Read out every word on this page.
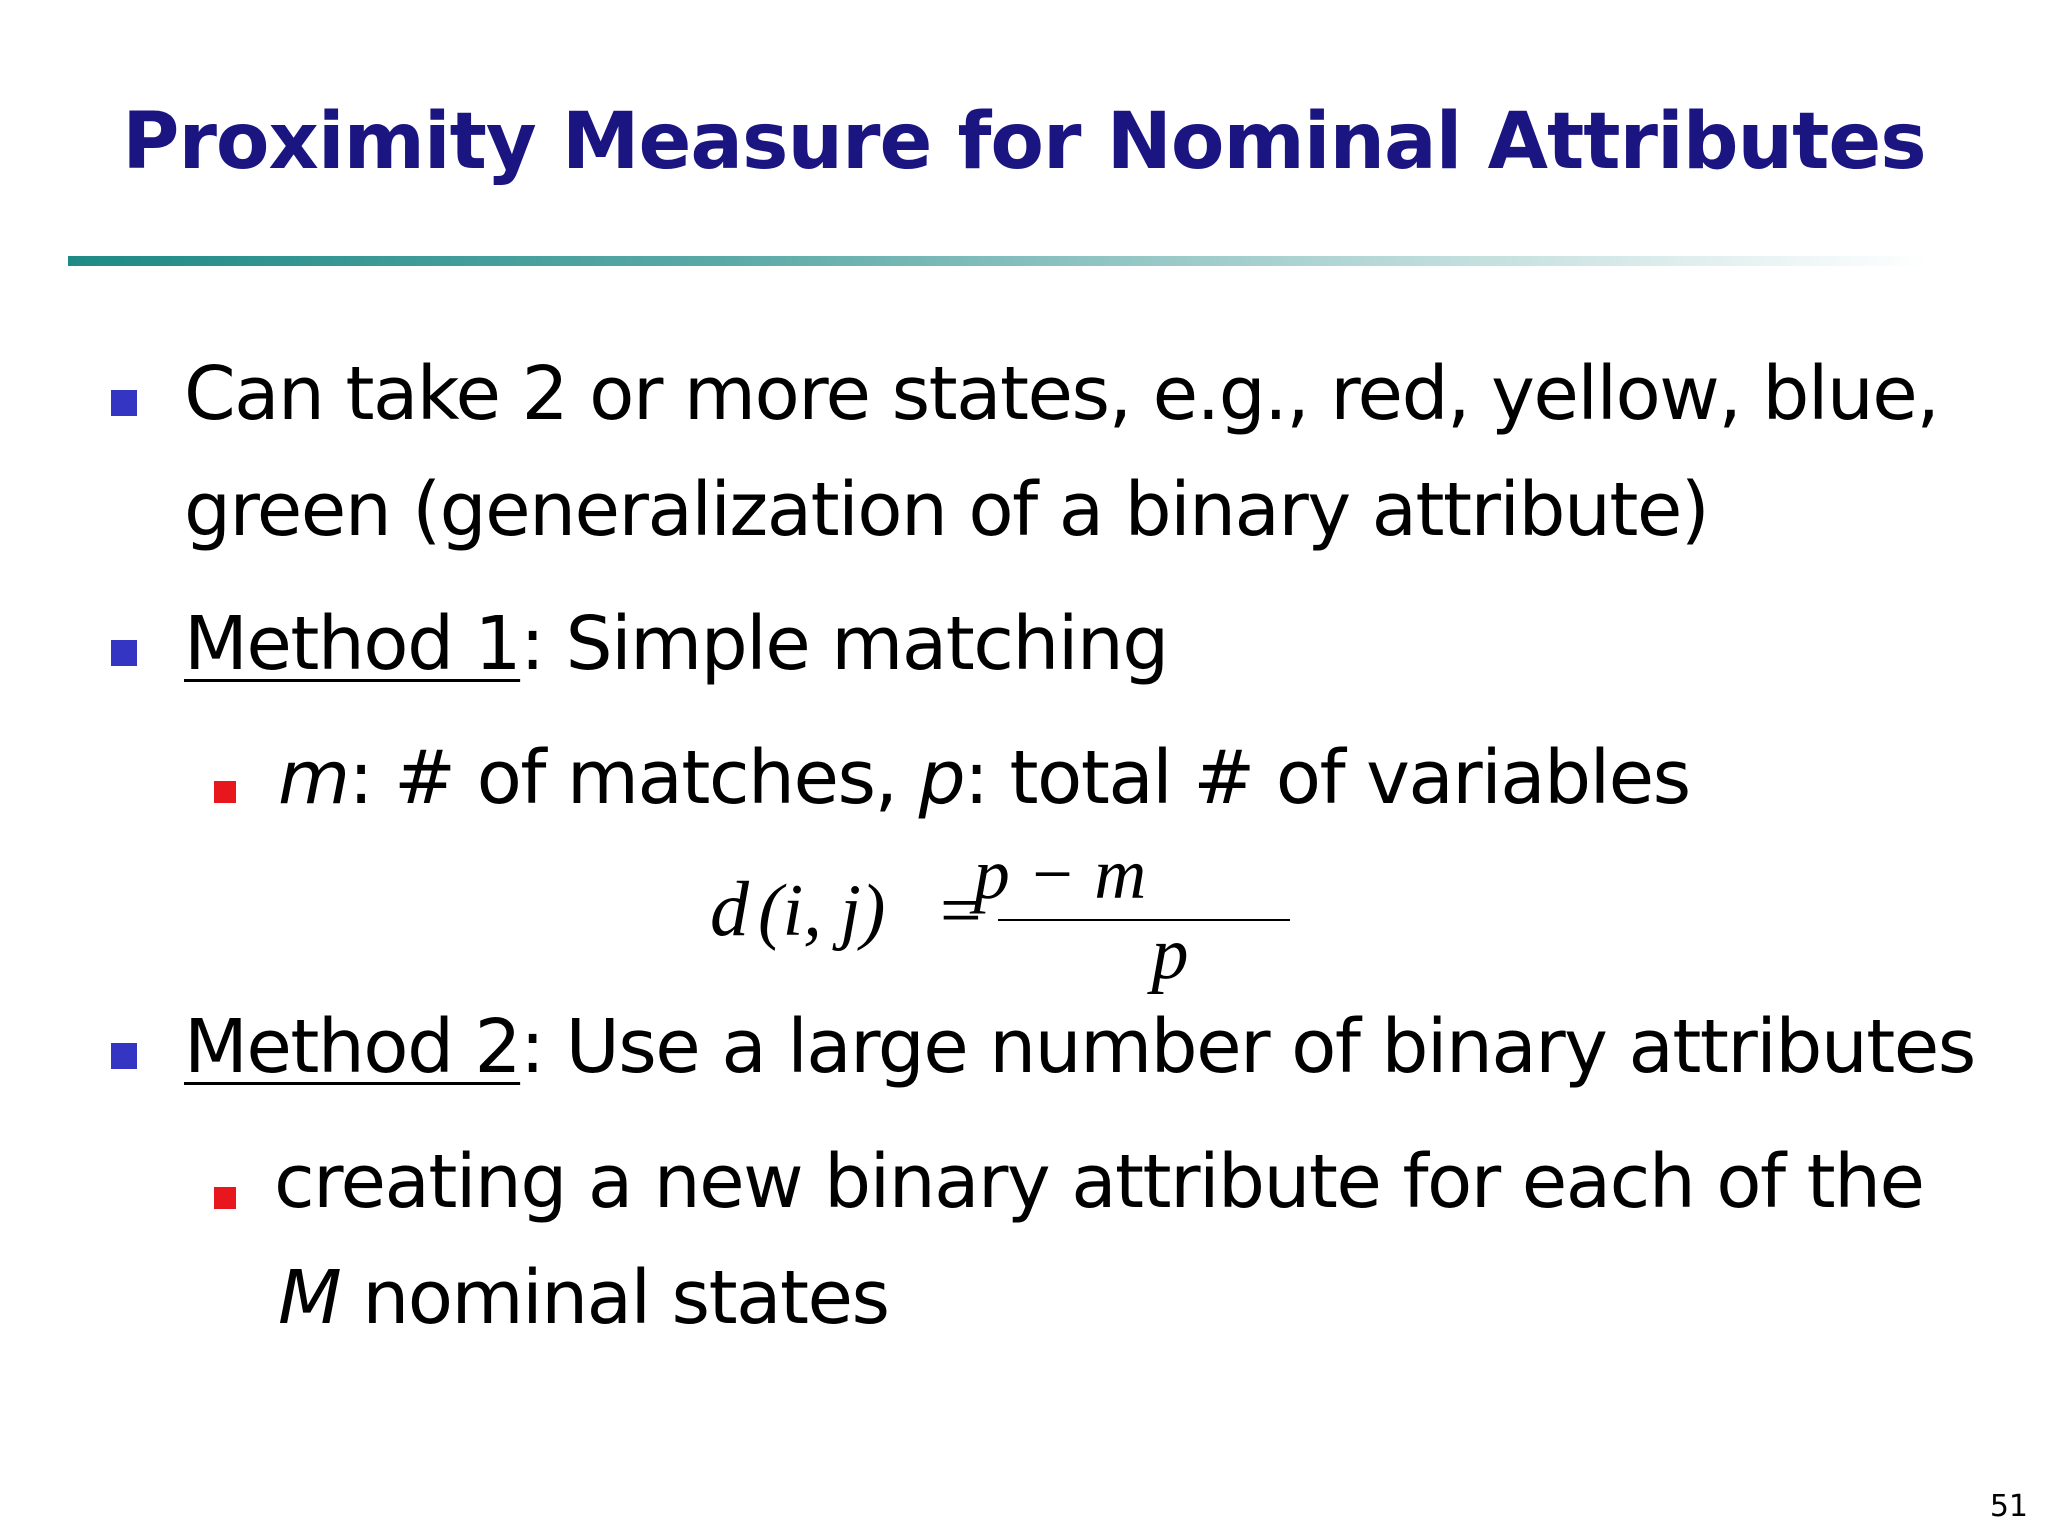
Proximity Measure for Nominal Attributes
Can take 2 or more states, e.g., red, yellow, blue,
green (generalization of a binary attribute)
Method 1: Simple matching
m: # of matches, p: total # of variables
d (i, j) =
p − m
p
Method 2: Use a large number of binary attributes
creating a new binary attribute for each of the
M nominal states
51
